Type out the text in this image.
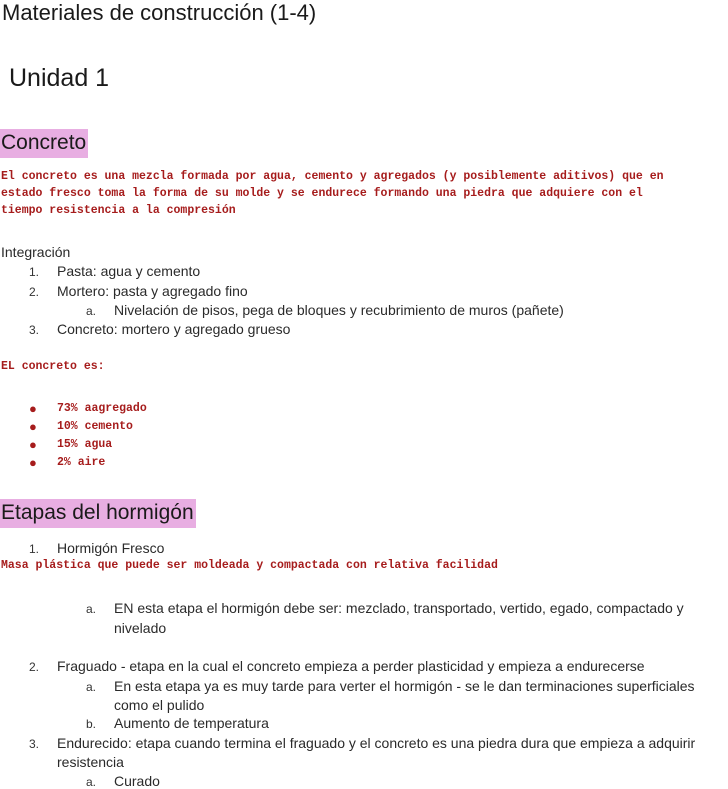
Materiales de construcción (1-4)
Unidad 1
Concreto
El concreto es una mezcla formada por agua, cemento y agregados (y posiblemente aditivos) que en
estado fresco toma la forma de su molde y se endurece formando una piedra que adquiere con el
tiempo resistencia a la compresión
Integración
1. Pasta: agua y cemento
2. Mortero: pasta y agregado fino
a. Nivelación de pisos, pega de bloques y recubrimiento de muros (pañete)
3. Concreto: mortero y agregado grueso
EL concreto es:
● 73% aagregado
● 10% cemento
● 15% agua
● 2% aire
Etapas del hormigón
1. Hormigón Fresco
Masa plástica que puede ser moldeada y compactada con relativa facilidad
a. EN esta etapa el hormigón debe ser: mezclado, transportado, vertido, egado, compactado y
nivelado
2. Fraguado - etapa en la cual el concreto empieza a perder plasticidad y empieza a endurecerse
a. En esta etapa ya es muy tarde para verter el hormigón - se le dan terminaciones superficiales
como el pulido
b. Aumento de temperatura
3. Endurecido: etapa cuando termina el fraguado y el concreto es una piedra dura que empieza a adquirir
resistencia
a. Curado
